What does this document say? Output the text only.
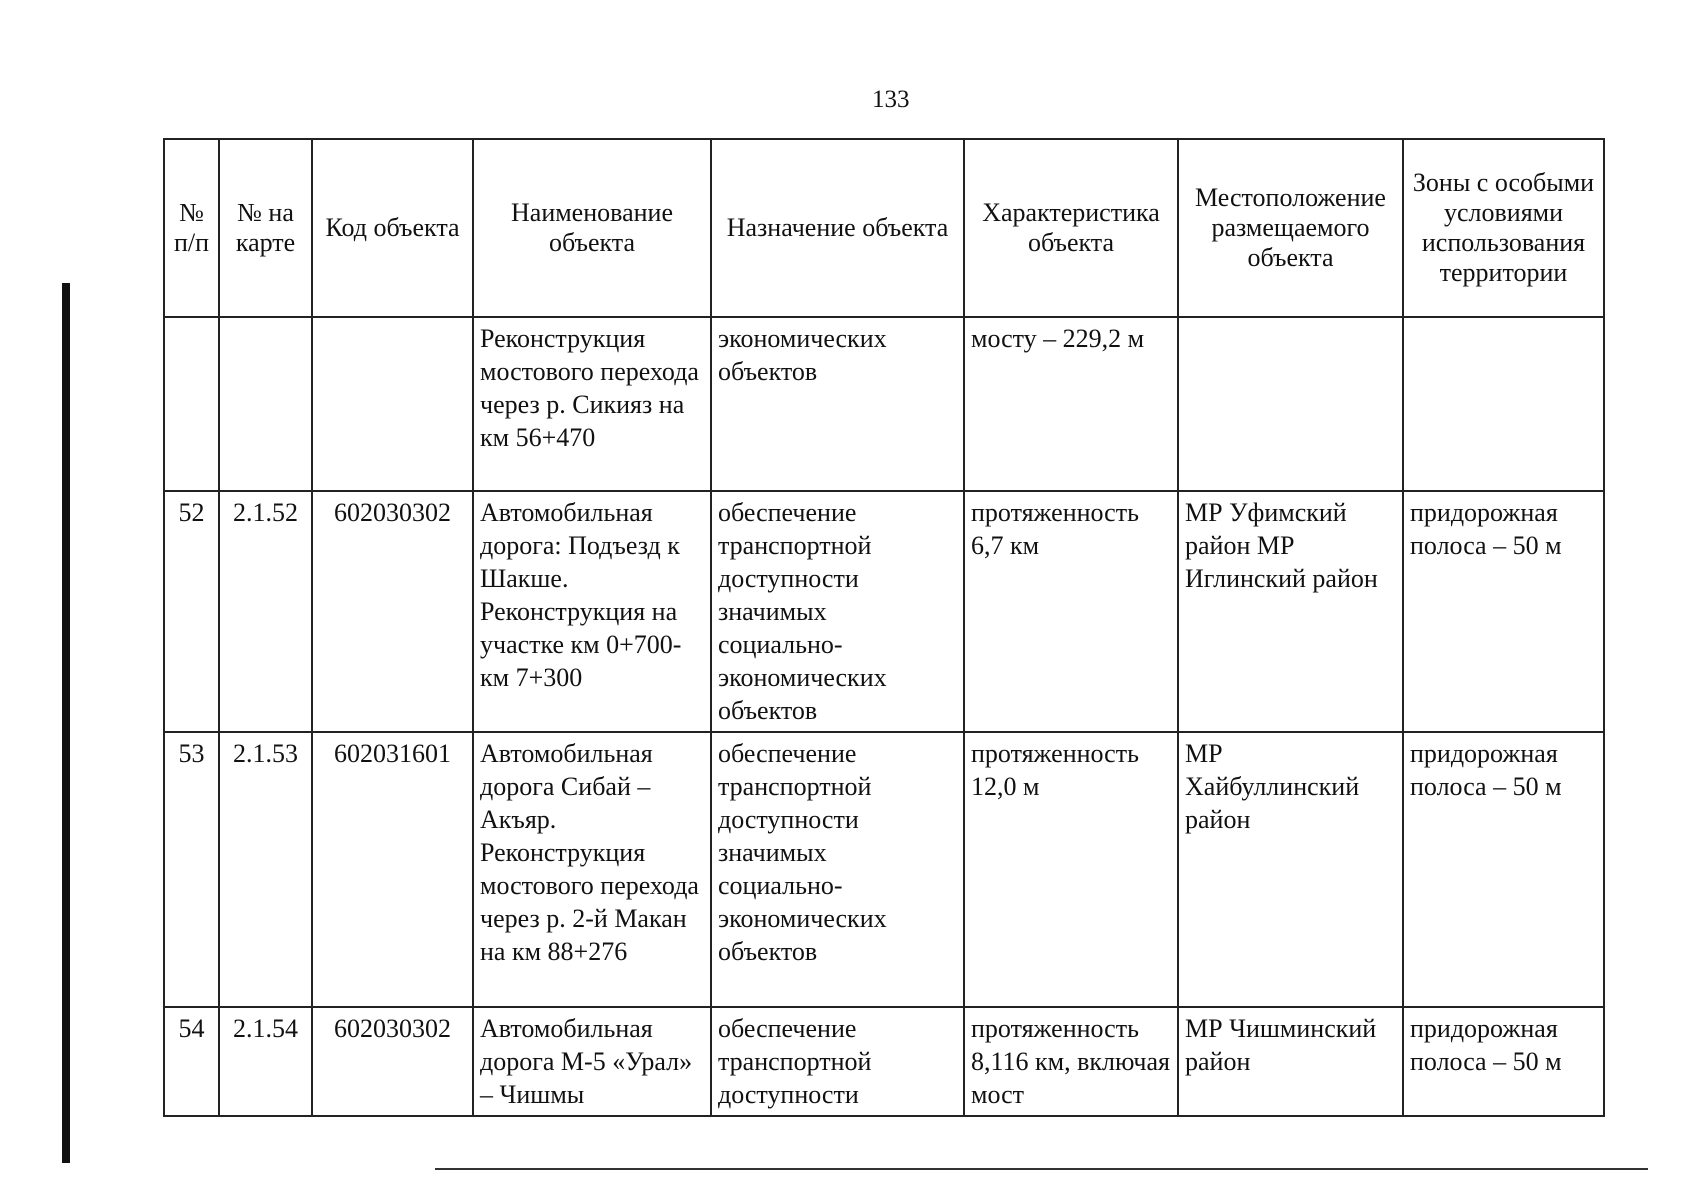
133
№ п/п	№ на карте	Код объекта	Наименование объекта	Назначение объекта	Характеристика объекта	Местоположение размещаемого объекта	Зоны с особыми условиями использования территории
			Реконструкция мостового перехода через р. Сикияз на км 56+470	экономических объектов	мосту – 229,2 м		
52	2.1.52	602030302	Автомобильная дорога: Подъезд к Шакше. Реконструкция на участке км 0+700- км 7+300	обеспечение транспортной доступности значимых социально-экономических объектов	протяженность 6,7 км	МР Уфимский район МР Иглинский район	придорожная полоса – 50 м
53	2.1.53	602031601	Автомобильная дорога Сибай – Акъяр. Реконструкция мостового перехода через р. 2-й Макан на км 88+276	обеспечение транспортной доступности значимых социально-экономических объектов	протяженность 12,0 м	МР Хайбуллинский район	придорожная полоса – 50 м
54	2.1.54	602030302	Автомобильная дорога М-5 «Урал» – Чишмы	обеспечение транспортной доступности	протяженность 8,116 км, включая мост	МР Чишминский район	придорожная полоса – 50 м
